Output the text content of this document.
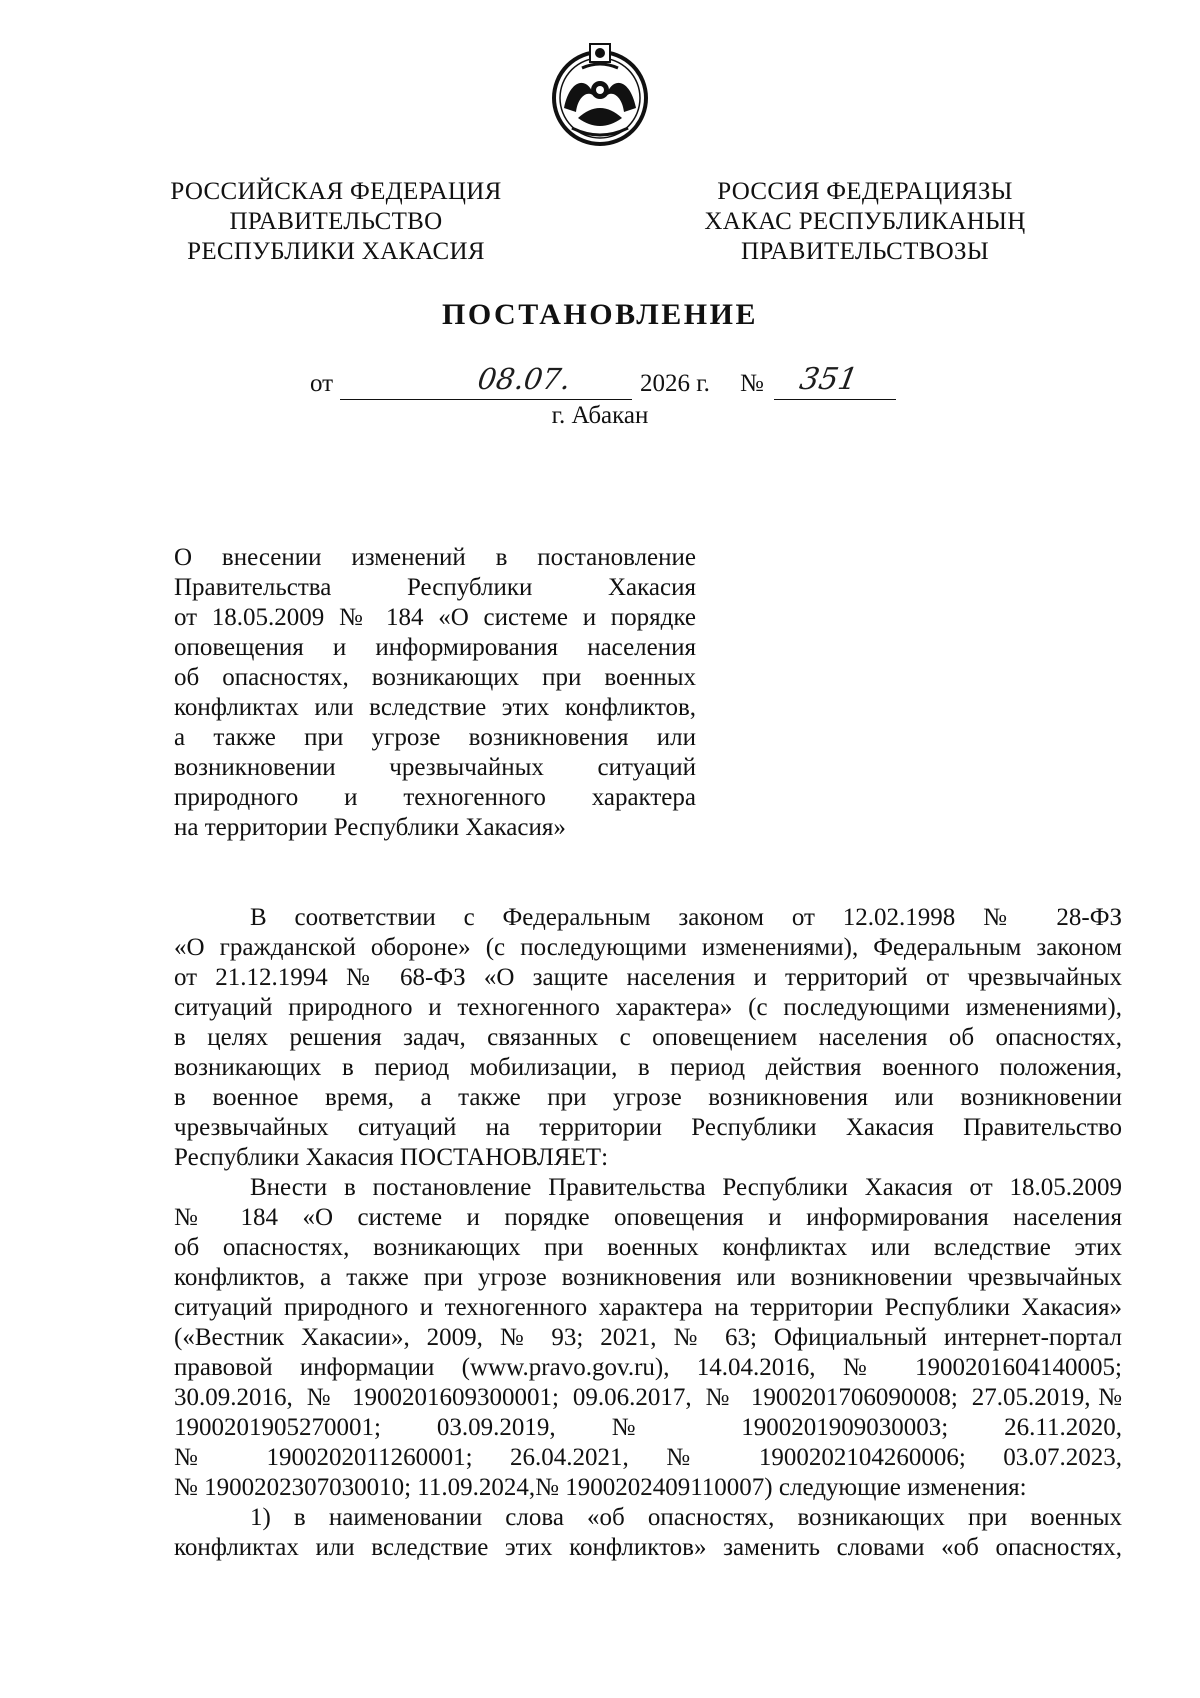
РОССИЙСКАЯ ФЕДЕРАЦИЯ
ПРАВИТЕЛЬСТВО
РЕСПУБЛИКИ ХАКАСИЯ
РОССИЯ ФЕДЕРАЦИЯЗЫ
ХАКАС РЕСПУБЛИКАНЫҢ
ПРАВИТЕЛЬСТВОЗЫ
ПОСТАНОВЛЕНИЕ
от	08.07.	2026 г. № 351
г. Абакан
О внесении изменений в постановление
Правительства Республики Хакасия
от 18.05.2009 № 184 «О системе и порядке
оповещения и информирования населения
об опасностях, возникающих при военных
конфликтах или вследствие этих конфликтов,
а также при угрозе возникновения или
возникновении чрезвычайных ситуаций
природного и техногенного характера
на территории Республики Хакасия»
В соответствии с Федеральным законом от 12.02.1998 № 28-ФЗ
«О гражданской обороне» (с последующими изменениями), Федеральным законом
от 21.12.1994 № 68-ФЗ «О защите населения и территорий от чрезвычайных
ситуаций природного и техногенного характера» (с последующими изменениями),
в целях решения задач, связанных с оповещением населения об опасностях,
возникающих в период мобилизации, в период действия военного положения,
в военное время, а также при угрозе возникновения или возникновении
чрезвычайных ситуаций на территории Республики Хакасия Правительство
Республики Хакасия ПОСТАНОВЛЯЕТ:
Внести в постановление Правительства Республики Хакасия от 18.05.2009
№ 184 «О системе и порядке оповещения и информирования населения
об опасностях, возникающих при военных конфликтах или вследствие этих
конфликтов, а также при угрозе возникновения или возникновении чрезвычайных
ситуаций природного и техногенного характера на территории Республики Хакасия»
(«Вестник Хакасии», 2009, № 93; 2021, № 63; Официальный интернет-портал
правовой информации (www.pravo.gov.ru), 14.04.2016, № 1900201604140005;
30.09.2016, № 1900201609300001; 09.06.2017, № 1900201706090008; 27.05.2019,№
1900201905270001; 03.09.2019, № 1900201909030003; 26.11.2020,
№ 1900202011260001; 26.04.2021, № 1900202104260006; 03.07.2023,
№ 1900202307030010; 11.09.2024,№ 1900202409110007) следующие изменения:
1) в наименовании слова «об опасностях, возникающих при военных
конфликтах или вследствие этих конфликтов» заменить словами «об опасностях,
